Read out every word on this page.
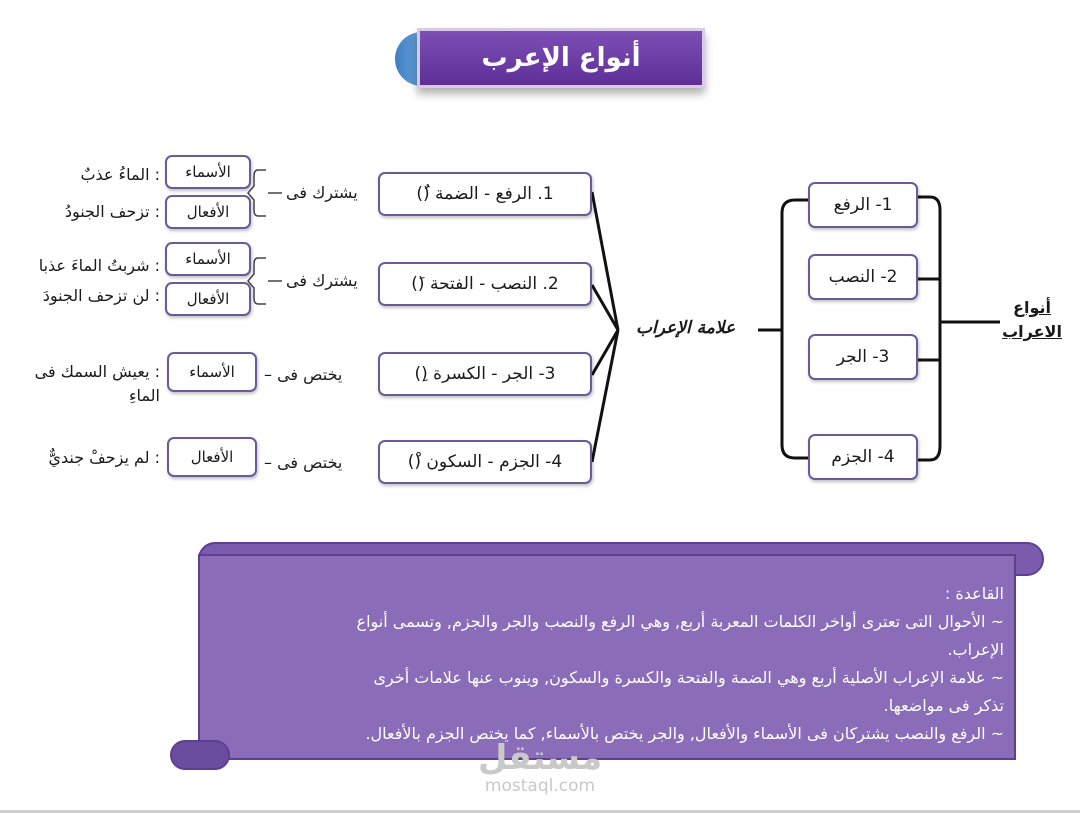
أنواع الإعرب
أنواع الاعراب
1- الرفع
2- النصب
3- الجر
4- الجزم
علامة الإعراب
1. الرفع - الضمة (ُ)
2. النصب - الفتحة (َ)
3- الجر - الكسرة (ِ)
4- الجزم - السكون (ْ)
يشترك فى
يشترك فى
يختص فى –
يختص فى –
الأسماء
الأفعال
الأسماء
الأفعال
الأسماء
الأفعال
: الماءُ عذبٌ
: تزحف الجنودُ
: شربتُ الماءَ عذبا
: لن تزحف الجنودَ
: يعيش السمك فى
الماءِ
: لم يزحفْ جنديٌّ
القاعدة :
~ الأحوال التى تعترى أواخر الكلمات المعربة أربع, وهي الرفع والنصب والجر والجزم, وتسمى أنواع
الإعراب.
~ علامة الإعراب الأصلية أربع وهي الضمة والفتحة والكسرة والسكون, وينوب عنها علامات أخرى
تذكر فى مواضعها.
~ الرفع والنصب يشتركان فى الأسماء والأفعال, والجر يختص بالأسماء, كما يختص الجزم بالأفعال.
مستقل
mostaql.com
